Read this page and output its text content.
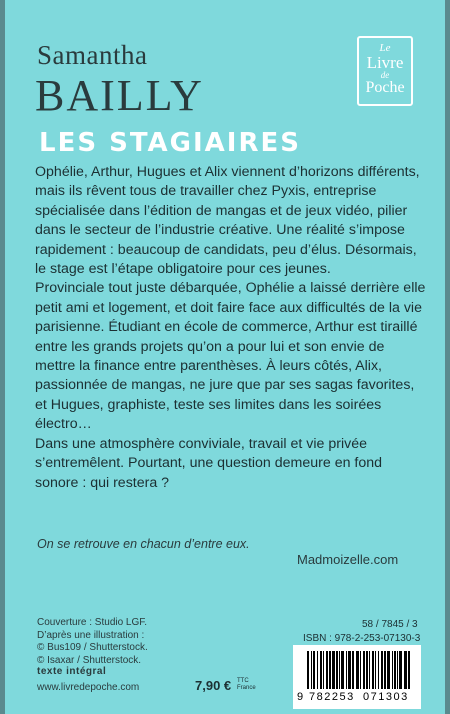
Samantha
BAILLY
LES STAGIAIRES
Le
Livre
de
Poche

Ophélie, Arthur, Hugues et Alix viennent d’horizons différents, mais ils rêvent tous de travailler chez Pyxis, entreprise spécialisée dans l’édition de mangas et de jeux vidéo, pilier dans le secteur de l’industrie créative. Une réalité s’impose rapidement : beaucoup de candidats, peu d’élus. Désormais, le stage est l’étape obligatoire pour ces jeunes.

Provinciale tout juste débarquée, Ophélie a laissé derrière elle petit ami et logement, et doit faire face aux difficultés de la vie parisienne. Étudiant en école de commerce, Arthur est tiraillé entre les grands projets qu’on a pour lui et son envie de mettre la finance entre parenthèses. À leurs côtés, Alix, passionnée de mangas, ne jure que par ses sagas favorites, et Hugues, graphiste, teste ses limites dans les soirées électro…

Dans une atmosphère conviviale, travail et vie privée s’entremêlent. Pourtant, une question demeure en fond sonore : qui restera ?

On se retrouve en chacun d’entre eux.
Madmoizelle.com
Couverture : Studio LGF.
D’après une illustration :
© Bus109 / Shutterstock.
© Isaxar / Shutterstock.
texte intégral
www.livredepoche.com	7,90 € TTC
France
58 / 7845 / 3
ISBN : 978-2-253-07130-3
9 782253 071303
